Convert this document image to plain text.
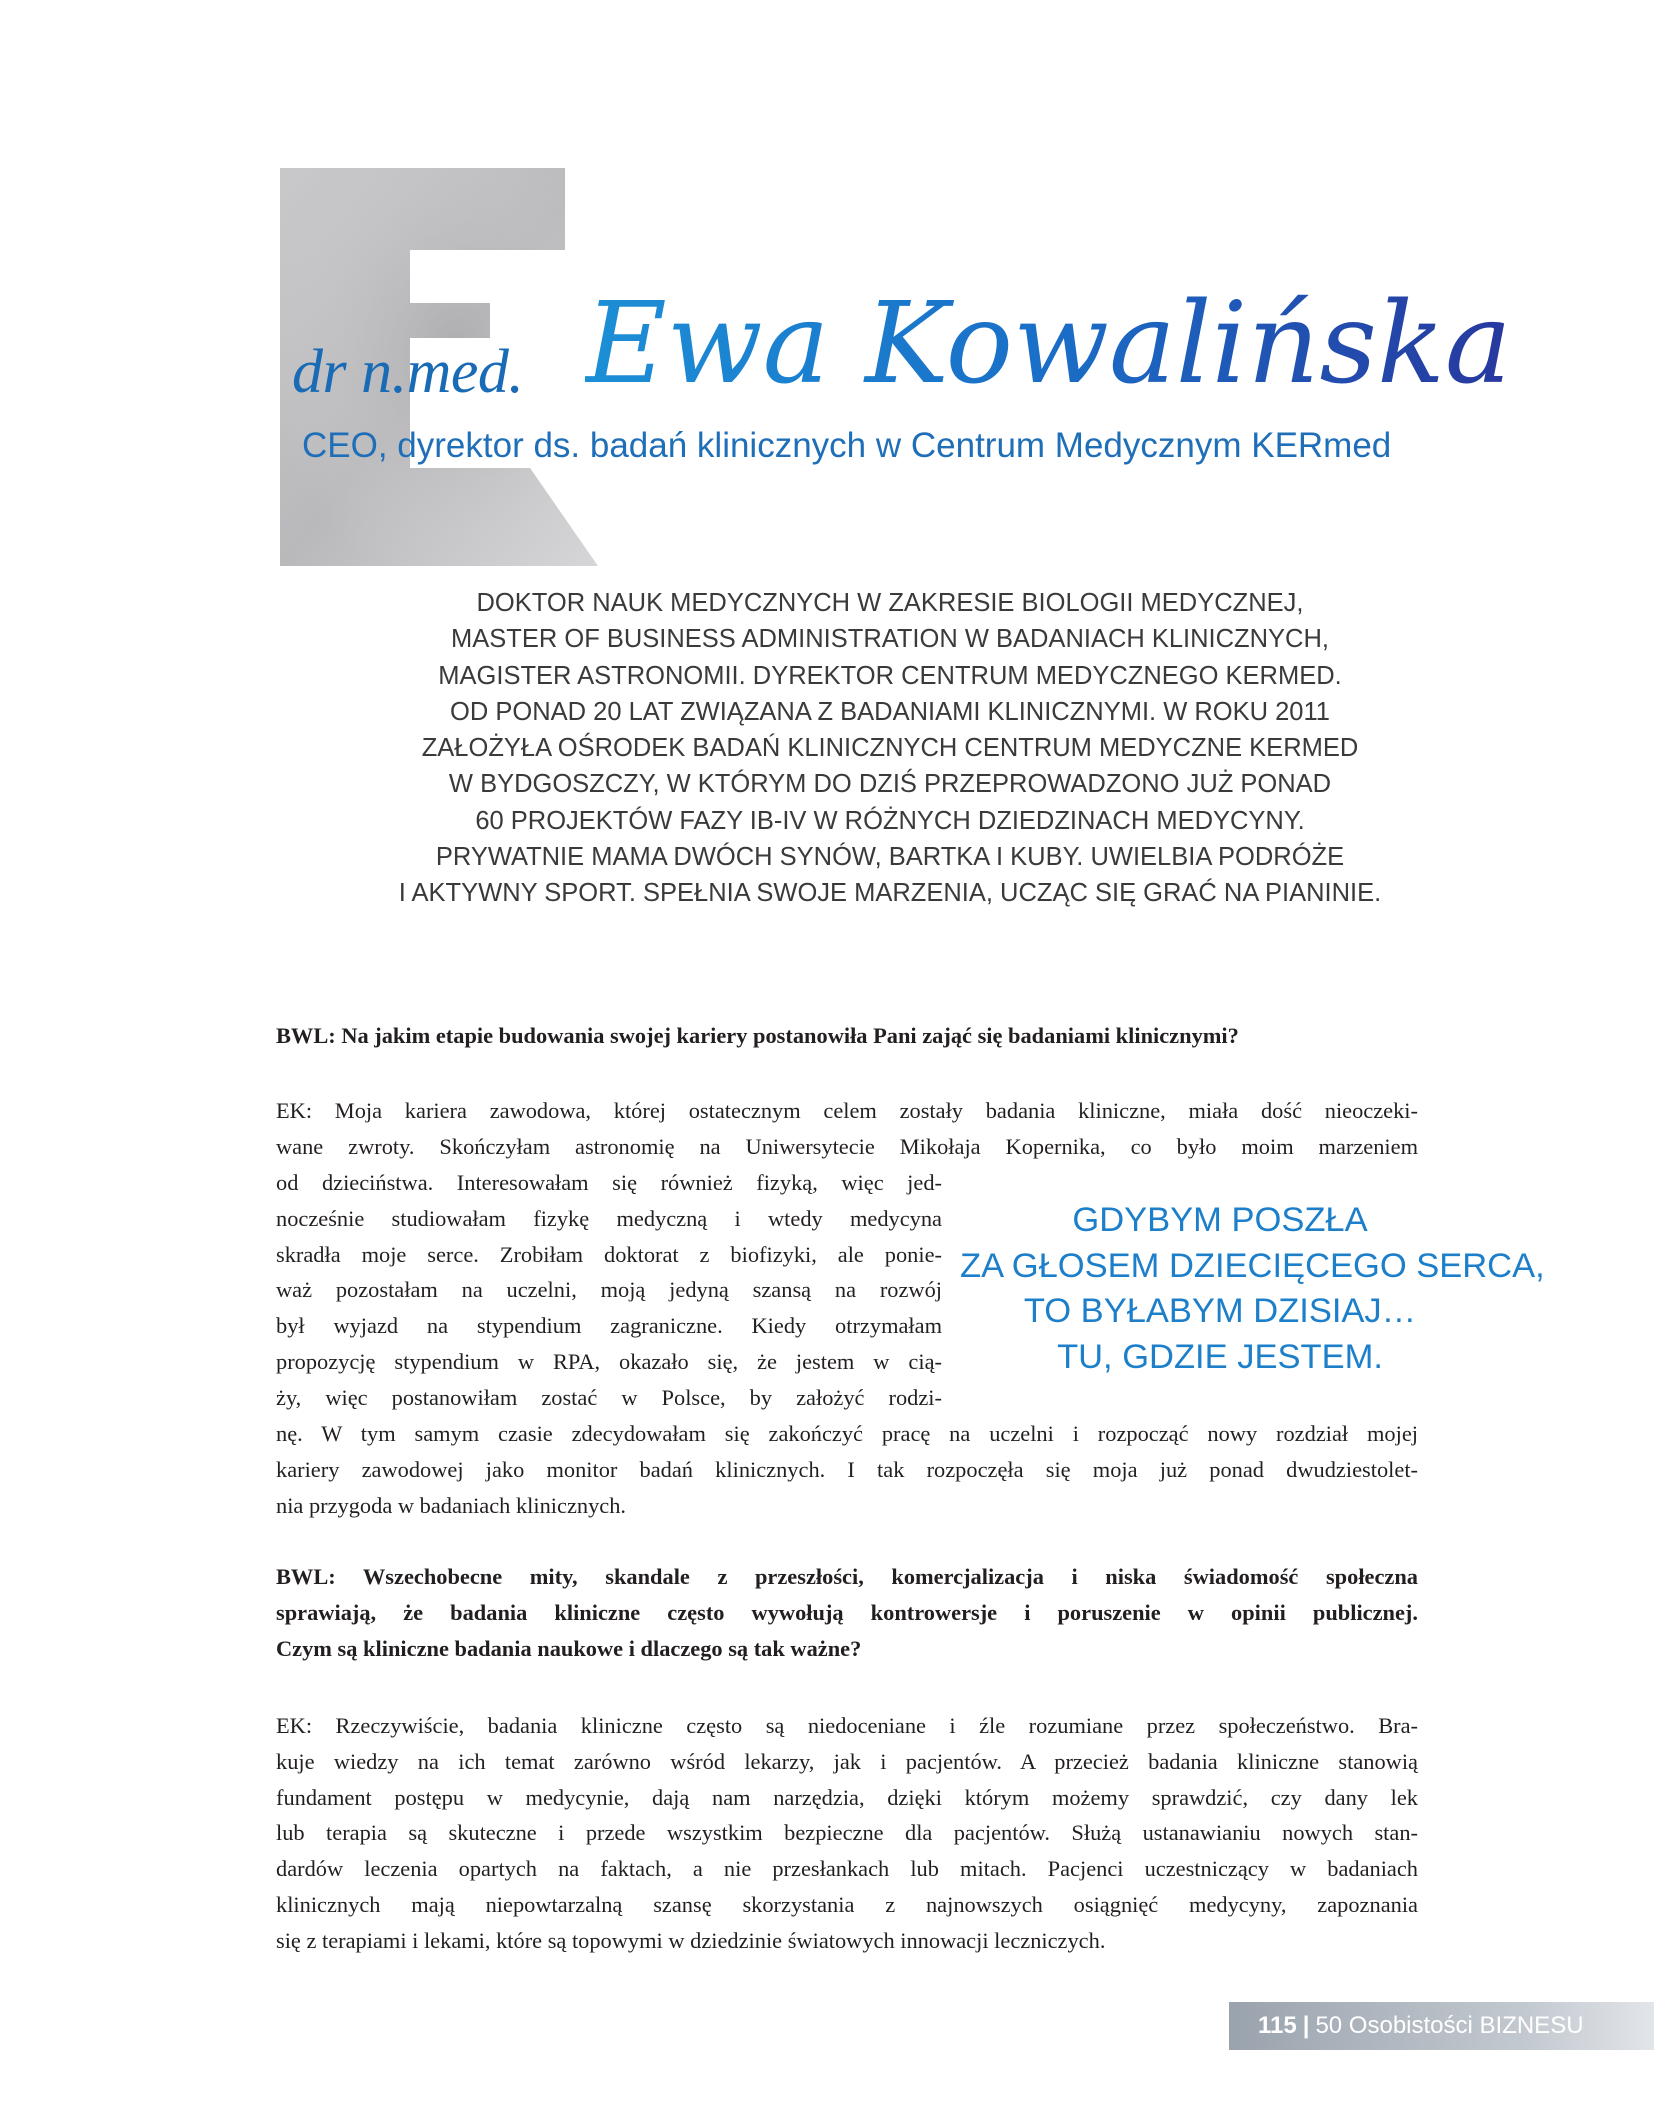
dr n.med. Ewa Kowalińska
CEO, dyrektor ds. badań klinicznych w Centrum Medycznym KERmed
DOKTOR NAUK MEDYCZNYCH W ZAKRESIE BIOLOGII MEDYCZNEJ,
MASTER OF BUSINESS ADMINISTRATION W BADANIACH KLINICZNYCH,
MAGISTER ASTRONOMII. DYREKTOR CENTRUM MEDYCZNEGO KERMED.
OD PONAD 20 LAT ZWIĄZANA Z BADANIAMI KLINICZNYMI. W ROKU 2011
ZAŁOŻYŁA OŚRODEK BADAŃ KLINICZNYCH CENTRUM MEDYCZNE KERMED
W BYDGOSZCZY, W KTÓRYM DO DZIŚ PRZEPROWADZONO JUŻ PONAD
60 PROJEKTÓW FAZY IB-IV W RÓŻNYCH DZIEDZINACH MEDYCYNY.
PRYWATNIE MAMA DWÓCH SYNÓW, BARTKA I KUBY. UWIELBIA PODRÓŻE
I AKTYWNY SPORT. SPEŁNIA SWOJE MARZENIA, UCZĄC SIĘ GRAĆ NA PIANINIE.
BWL: Na jakim etapie budowania swojej kariery postanowiła Pani zająć się badaniami klinicznymi?
EK: Moja kariera zawodowa, której ostatecznym celem zostały badania kliniczne, miała dość nieoczeki-
wane zwroty. Skończyłam astronomię na Uniwersytecie Mikołaja Kopernika, co było moim marzeniem
od dzieciństwa. Interesowałam się również fizyką, więc jed-
nocześnie studiowałam fizykę medyczną i wtedy medycyna
skradła moje serce. Zrobiłam doktorat z biofizyki, ale ponie-
waż pozostałam na uczelni, moją jedyną szansą na rozwój
był wyjazd na stypendium zagraniczne. Kiedy otrzymałam
propozycję stypendium w RPA, okazało się, że jestem w cią-
ży, więc postanowiłam zostać w Polsce, by założyć rodzi-
nę. W tym samym czasie zdecydowałam się zakończyć pracę na uczelni i rozpocząć nowy rozdział mojej
kariery zawodowej jako monitor badań klinicznych. I tak rozpoczęła się moja już ponad dwudziestolet-
nia przygoda w badaniach klinicznych.
GDYBYM POSZŁA
ZA GŁOSEM DZIECIĘCEGO SERCA,
TO BYŁABYM DZISIAJ…
TU, GDZIE JESTEM.
BWL: Wszechobecne mity, skandale z przeszłości, komercjalizacja i niska świadomość społeczna
sprawiają, że badania kliniczne często wywołują kontrowersje i poruszenie w opinii publicznej.
Czym są kliniczne badania naukowe i dlaczego są tak ważne?
EK: Rzeczywiście, badania kliniczne często są niedoceniane i źle rozumiane przez społeczeństwo. Bra-
kuje wiedzy na ich temat zarówno wśród lekarzy, jak i pacjentów. A przecież badania kliniczne stanowią
fundament postępu w medycynie, dają nam narzędzia, dzięki którym możemy sprawdzić, czy dany lek
lub terapia są skuteczne i przede wszystkim bezpieczne dla pacjentów. Służą ustanawianiu nowych stan-
dardów leczenia opartych na faktach, a nie przesłankach lub mitach. Pacjenci uczestniczący w badaniach
klinicznych mają niepowtarzalną szansę skorzystania z najnowszych osiągnięć medycyny, zapoznania
się z terapiami i lekami, które są topowymi w dziedzinie światowych innowacji leczniczych.
115 | 50 Osobistości BIZNESU
